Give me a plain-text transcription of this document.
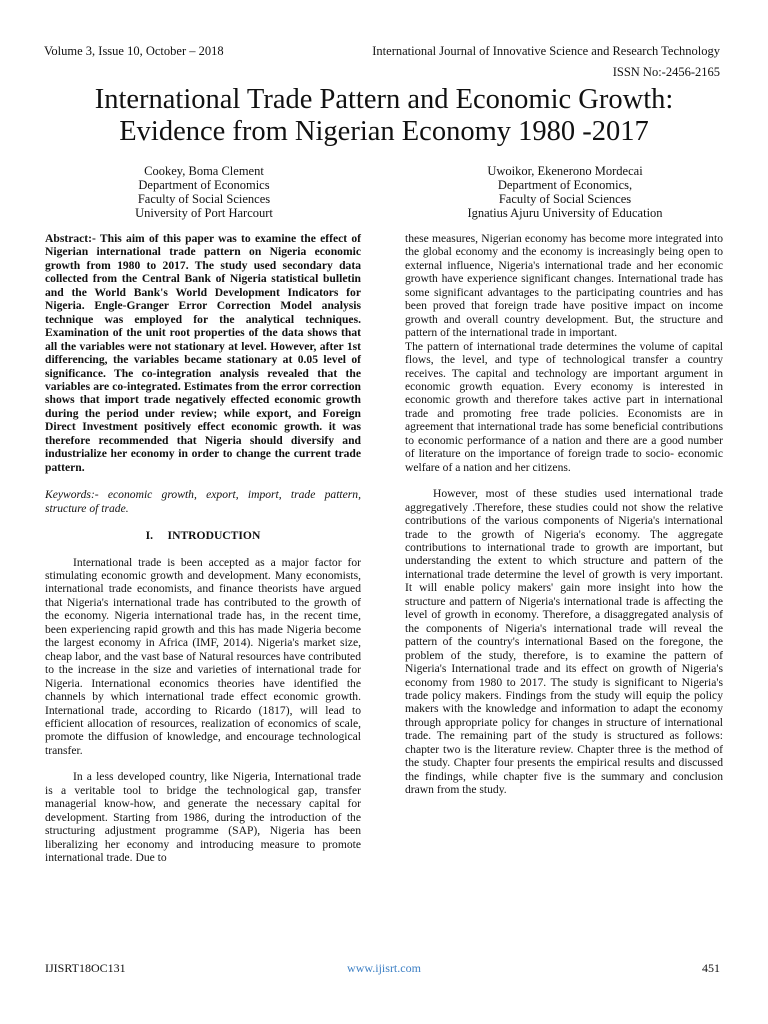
Volume 3, Issue 10, October – 2018	International Journal of Innovative Science and Research Technology
ISSN No:-2456-2165
International Trade Pattern and Economic Growth:
Evidence from Nigerian Economy 1980 -2017
Cookey, Boma Clement
Department of Economics
Faculty of Social Sciences
University of Port Harcourt
Uwoikor, Ekenerono Mordecai
Department of Economics,
Faculty of Social Sciences
Ignatius Ajuru University of Education

Abstract:- This aim of this paper was to examine the effect of Nigerian international trade pattern on Nigeria economic growth from 1980 to 2017. The study used secondary data collected from the Central Bank of Nigeria statistical bulletin and the World Bank's World Development Indicators for Nigeria. Engle-Granger Error Correction Model analysis technique was employed for the analytical techniques. Examination of the unit root properties of the data shows that all the variables were not stationary at level. However, after 1st differencing, the variables became stationary at 0.05 level of significance. The co-integration analysis revealed that the variables are co-integrated. Estimates from the error correction shows that import trade negatively effected economic growth during the period under review; while export, and Foreign Direct Investment positively effect economic growth. it was therefore recommended that Nigeria should diversify and industrialize her economy in order to change the current trade pattern.

Keywords:- economic growth, export, import, trade pattern, structure of trade.

I.     INTRODUCTION

International trade is been accepted as a major factor for stimulating economic growth and development. Many economists, international trade economists, and finance theorists have argued that Nigeria's international trade has contributed to the growth of the economy. Nigeria international trade has, in the recent time, been experiencing rapid growth and this has made Nigeria become the largest economy in Africa (IMF, 2014). Nigeria's market size, cheap labor, and the vast base of Natural resources have contributed to the increase in the size and varieties of international trade for Nigeria. International economics theories have identified the channels by which international trade effect economic growth. International trade, according to Ricardo (1817), will lead to efficient allocation of resources, realization of economics of scale, promote the diffusion of knowledge, and encourage technological transfer.

In a less developed country, like Nigeria, International trade is a veritable tool to bridge the technological gap, transfer managerial know-how, and generate the necessary capital for development. Starting from 1986, during the introduction of the structuring adjustment programme (SAP), Nigeria has been liberalizing her economy and introducing measure to promote international trade. Due to

these measures, Nigerian economy has become more integrated into the global economy and the economy is increasingly being open to external influence, Nigeria's international trade and her economic growth have experience significant changes. International trade has some significant advantages to the participating countries and has been proved that foreign trade have positive impact on income growth and overall country development. But, the structure and pattern of the international trade in important.

The pattern of international trade determines the volume of capital flows, the level, and type of technological transfer a country receives. The capital and technology are important argument in economic growth equation. Every economy is interested in economic growth and therefore takes active part in international trade and promoting free trade policies. Economists are in agreement that international trade has some beneficial contributions to economic performance of a nation and there are a good number of literature on the importance of foreign trade to socio- economic welfare of a nation and her citizens.

However, most of these studies used international trade aggregatively .Therefore, these studies could not show the relative contributions of the various components of Nigeria's international trade to the growth of Nigeria's economy. The aggregate contributions to international trade to growth are important, but understanding the extent to which structure and pattern of the international trade determine the level of growth is very important. It will enable policy makers' gain more insight into how the structure and pattern of Nigeria's international trade is affecting the level of growth in economy. Therefore, a disaggregated analysis of the components of Nigeria's international trade will reveal the pattern of the country's international Based on the foregone, the problem of the study, therefore, is to examine the pattern of Nigeria's International trade and its effect on growth of Nigeria's economy from 1980 to 2017. The study is significant to Nigeria's trade policy makers. Findings from the study will equip the policy makers with the knowledge and information to adapt the economy through appropriate policy for changes in structure of international trade. The remaining part of the study is structured as follows: chapter two is the literature review. Chapter three is the method of the study. Chapter four presents the empirical results and discussed the findings, while chapter five is the summary and conclusion drawn from the study.

IJISRT18OC131	www.ijisrt.com	451
